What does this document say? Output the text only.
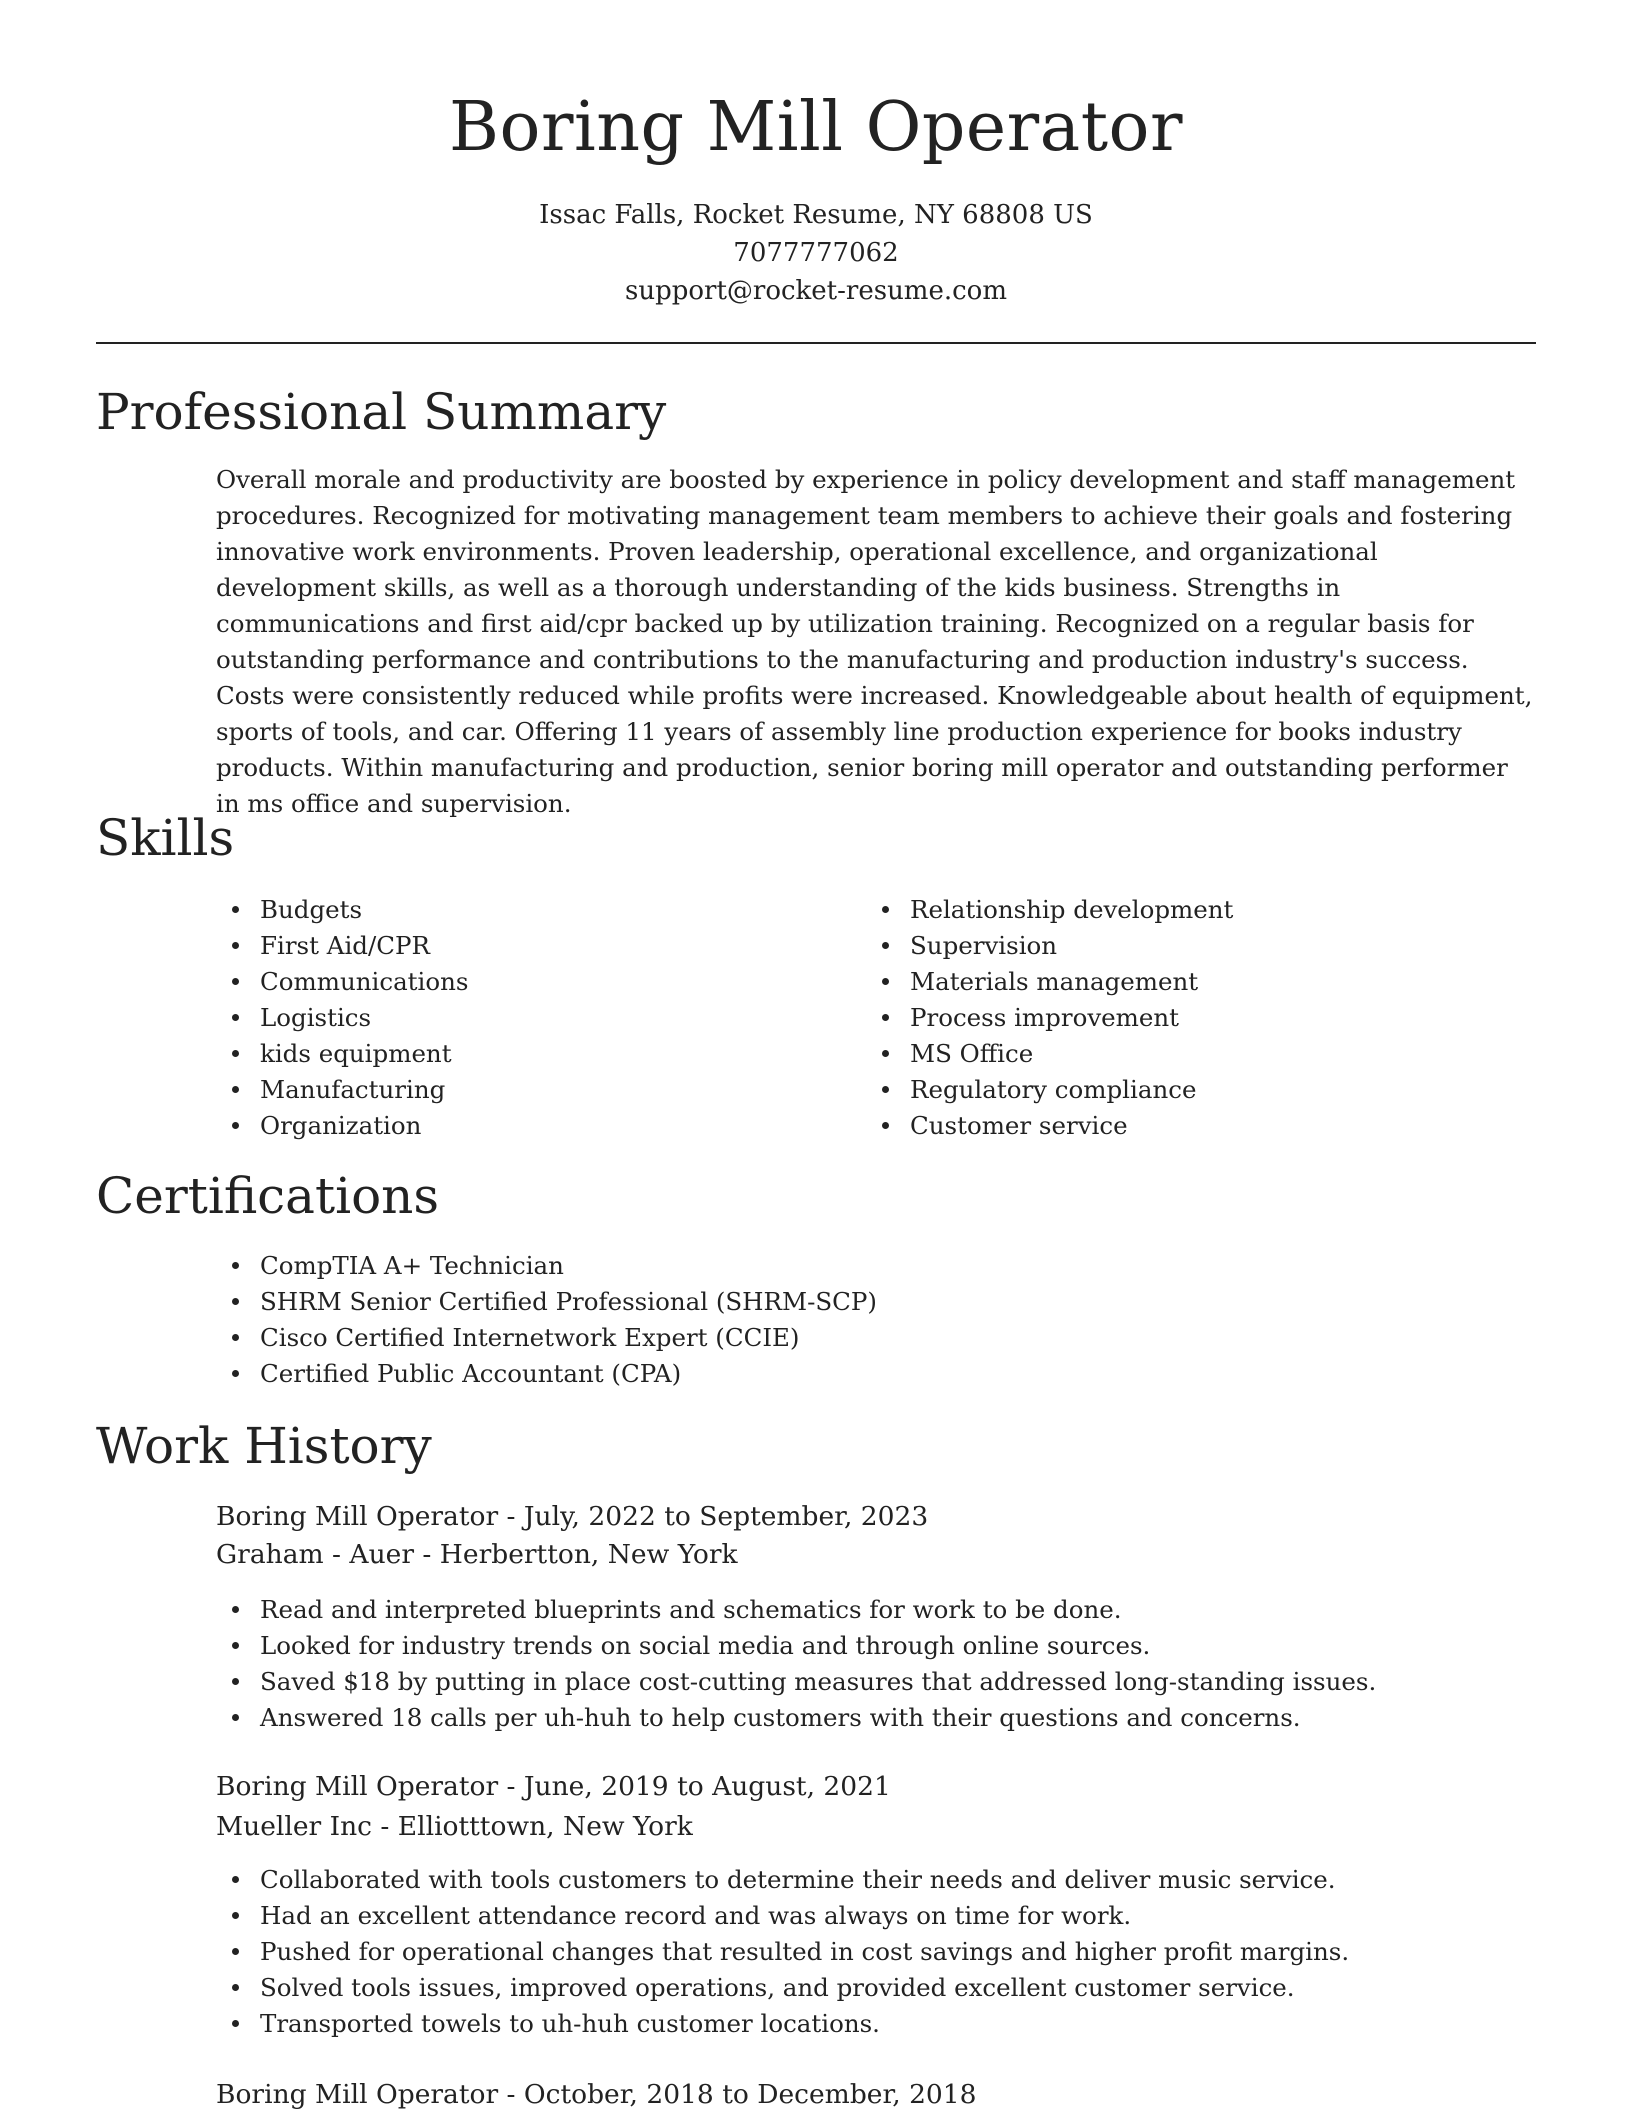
Boring Mill Operator
Issac Falls, Rocket Resume, NY 68808 US
7077777062
support@rocket-resume.com
Professional Summary

Overall morale and productivity are boosted by experience in policy development and staff management procedures. Recognized for motivating management team members to achieve their goals and fostering innovative work environments. Proven leadership, operational excellence, and organizational development skills, as well as a thorough understanding of the kids business. Strengths in communications and first aid/cpr backed up by utilization training. Recognized on a regular basis for outstanding performance and contributions to the manufacturing and production industry's success. Costs were consistently reduced while profits were increased. Knowledgeable about health of equipment, sports of tools, and car. Offering 11 years of assembly line production experience for books industry products. Within manufacturing and production, senior boring mill operator and outstanding performer in ms office and supervision.

Skills
Budgets
First Aid/CPR
Communications
Logistics
kids equipment
Manufacturing
Organization
Relationship development
Supervision
Materials management
Process improvement
MS Office
Regulatory compliance
Customer service
Certifications
CompTIA A+ Technician
SHRM Senior Certified Professional (SHRM-SCP)
Cisco Certified Internetwork Expert (CCIE)
Certified Public Accountant (CPA)
Work History
Boring Mill Operator - July, 2022 to September, 2023
Graham - Auer - Herbertton, New York
Read and interpreted blueprints and schematics for work to be done.
Looked for industry trends on social media and through online sources.
Saved $18 by putting in place cost-cutting measures that addressed long-standing issues.
Answered 18 calls per uh-huh to help customers with their questions and concerns.
Boring Mill Operator - June, 2019 to August, 2021
Mueller Inc - Elliotttown, New York
Collaborated with tools customers to determine their needs and deliver music service.
Had an excellent attendance record and was always on time for work.
Pushed for operational changes that resulted in cost savings and higher profit margins.
Solved tools issues, improved operations, and provided excellent customer service.
Transported towels to uh-huh customer locations.
Boring Mill Operator - October, 2018 to December, 2018
